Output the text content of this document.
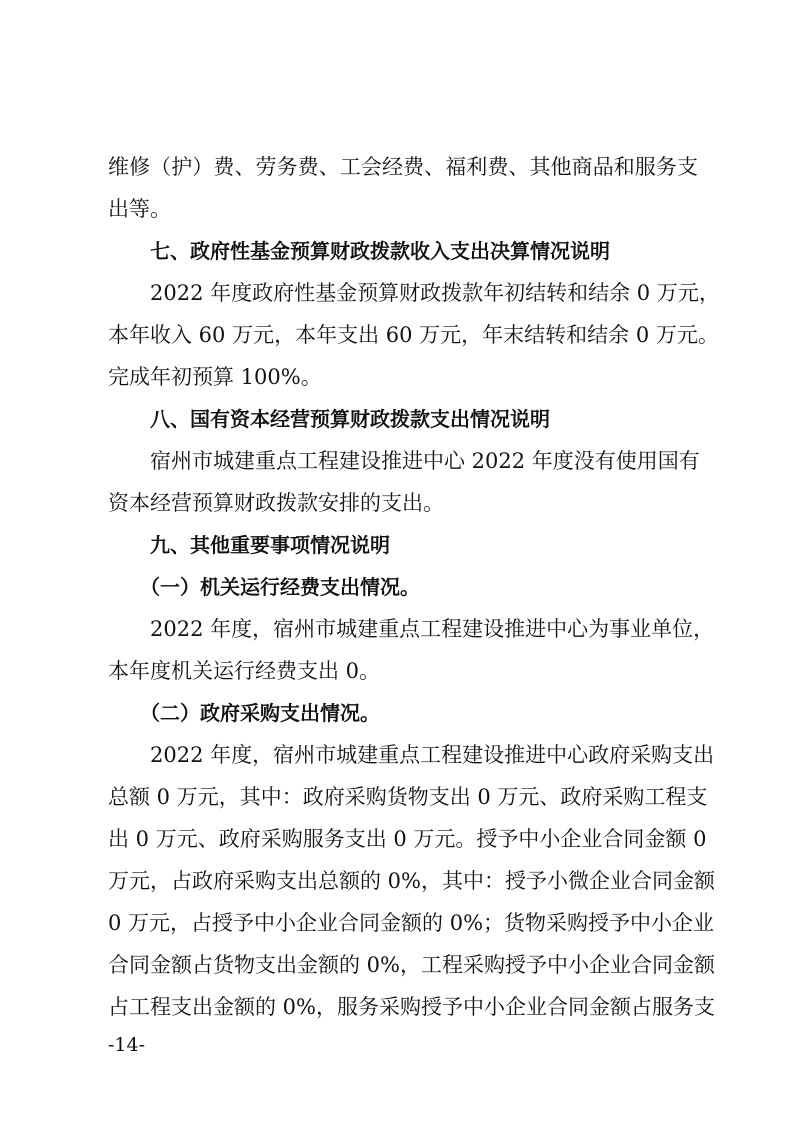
维修（护）费、劳务费、工会经费、福利费、其他商品和服务支
出等。
七、政府性基金预算财政拨款收入支出决算情况说明
2022 年度政府性基金预算财政拨款年初结转和结余 0 万元，
本年收入 60 万元，本年支出 60 万元，年末结转和结余 0 万元。
完成年初预算 100%。
八、国有资本经营预算财政拨款支出情况说明
宿州市城建重点工程建设推进中心 2022 年度没有使用国有
资本经营预算财政拨款安排的支出。
九、其他重要事项情况说明
（一）机关运行经费支出情况。
2022 年度，宿州市城建重点工程建设推进中心为事业单位，
本年度机关运行经费支出 0。
（二）政府采购支出情况。
2022 年度，宿州市城建重点工程建设推进中心政府采购支出
总额 0 万元，其中：政府采购货物支出 0 万元、政府采购工程支
出 0 万元、政府采购服务支出 0 万元。授予中小企业合同金额 0
万元，占政府采购支出总额的 0%，其中：授予小微企业合同金额
0 万元，占授予中小企业合同金额的 0%；货物采购授予中小企业
合同金额占货物支出金额的 0%，工程采购授予中小企业合同金额
占工程支出金额的 0%，服务采购授予中小企业合同金额占服务支
-14-
